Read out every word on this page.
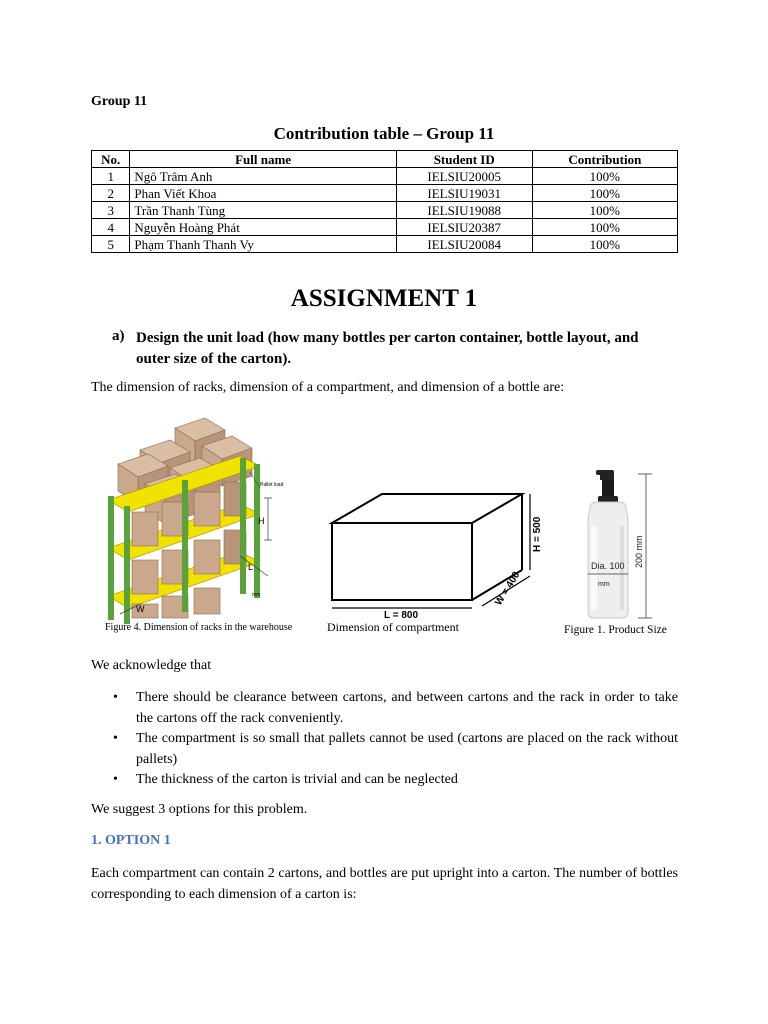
Group 11
Contribution table – Group 11
No.	Full name	Student ID	Contribution
1	Ngô Trâm Anh	IELSIU20005	100%
2	Phan Viết Khoa	IELSIU19031	100%
3	Trần Thanh Tùng	IELSIU19088	100%
4	Nguyễn Hoàng Phát	IELSIU20387	100%
5	Phạm Thanh Thanh Vy	IELSIU20084	100%
ASSIGNMENT 1
a) Design the unit load (how many bottles per carton container, bottle layout, and outer size of the carton).
The dimension of racks, dimension of a compartment, and dimension of a bottle are:
H
L
W
Pallet load
mm
Figure 4. Dimension of racks in the warehouse
L = 800
H = 500
W = 400
Dimension of compartment
Dia. 100
mm
200 mm
Figure 1. Product Size
We acknowledge that
• There should be clearance between cartons, and between cartons and the rack in order to take the cartons off the rack conveniently.
• The compartment is so small that pallets cannot be used (cartons are placed on the rack without pallets)
• The thickness of the carton is trivial and can be neglected
We suggest 3 options for this problem.
1. OPTION 1
Each compartment can contain 2 cartons, and bottles are put upright into a carton. The number of bottles corresponding to each dimension of a carton is:
